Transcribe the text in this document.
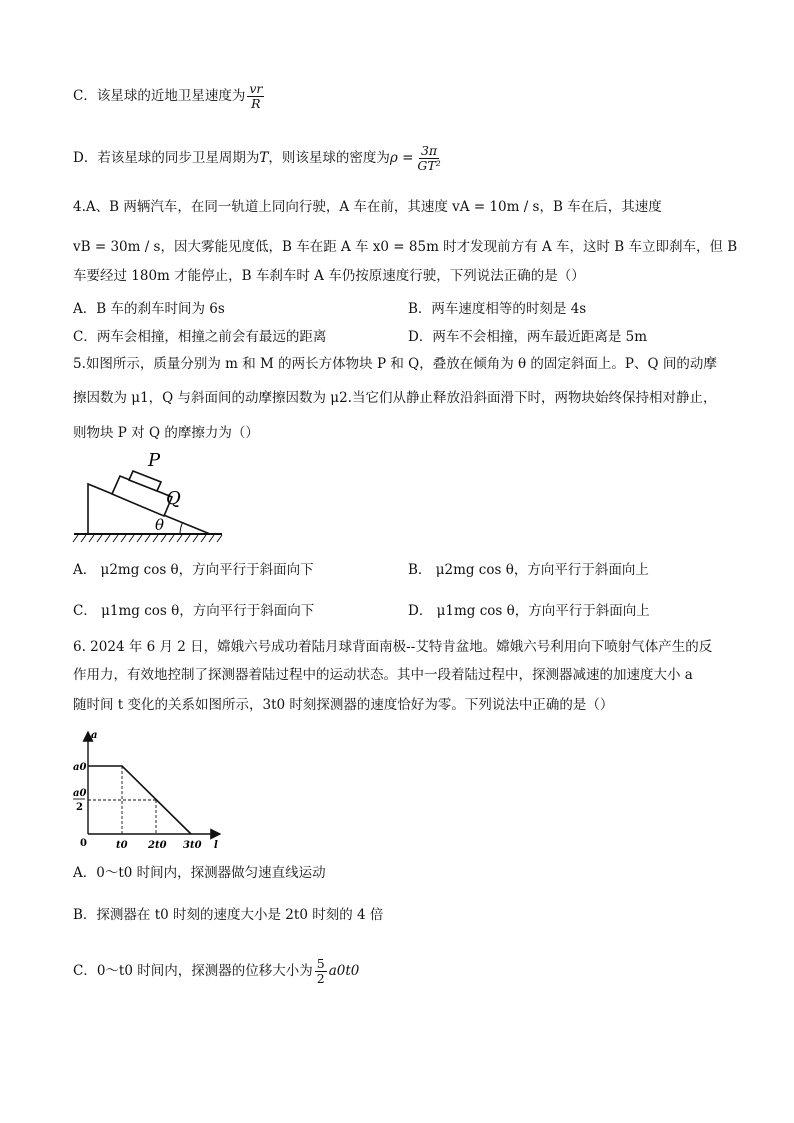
C．该星球的近地卫星速度为 $\frac{vr}{R}$
D．若该星球的同步卫星周期为T，则该星球的密度为$\rho = \frac{3\pi}{\text{GT²}}$
4.A、B 两辆汽车，在同一轨道上同向行驶，A 车在前，其速度 vA = 10m / s，B 车在后，其速度
vB = 30m / s，因大雾能见度低，B 车在距 A 车 x0 = 85m 时才发现前方有 A 车，这时 B 车立即刹车，但 B
车要经过 180m 才能停止，B 车刹车时 A 车仍按原速度行驶，下列说法正确的是（）
A．B 车的刹车时间为 6s	B．两车速度相等的时刻是 4s
C．两车会相撞，相撞之前会有最远的距离	D．两车不会相撞，两车最近距离是 5m
5.如图所示，质量分别为 m 和 M 的两长方体物块 P 和 Q，叠放在倾角为 θ 的固定斜面上。P、Q 间的动摩
擦因数为 μ1，Q 与斜面间的动摩擦因数为 μ2.当它们从静止释放沿斜面滑下时，两物块始终保持相对静止，
则物块 P 对 Q 的摩擦力为（）
P
Q
θ
A． μ2mg cos θ，方向平行于斜面向下	B． μ2mg cos θ，方向平行于斜面向上
C． μ1mg cos θ，方向平行于斜面向下	D． μ1mg cos θ，方向平行于斜面向上
6. 2024 年 6 月 2 日，嫦娥六号成功着陆月球背面南极--艾特肯盆地。嫦娥六号利用向下喷射气体产生的反
作用力，有效地控制了探测器着陆过程中的运动状态。其中一段着陆过程中，探测器减速的加速度大小 a
随时间 t 变化的关系如图所示，3t0 时刻探测器的速度恰好为零。下列说法中正确的是（）
a
l
0
a0
a0
2
t0 2t0 3t0
A．0～t0 时间内，探测器做匀速直线运动
B．探测器在 t0 时刻的速度大小是 2t0 时刻的 4 倍
C．0～t0 时间内，探测器的位移大小为 $\frac{5}{2} a0t0$
